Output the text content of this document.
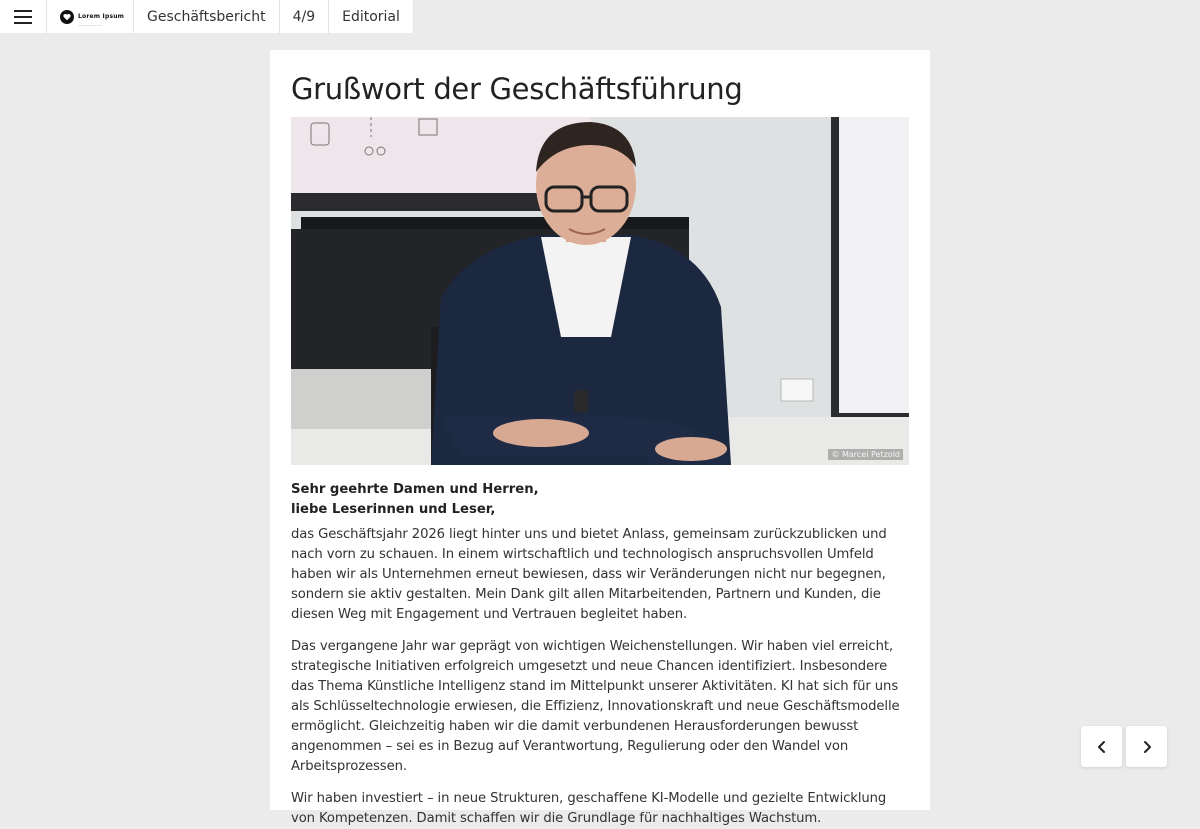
Lorem Ipsum
————————
Geschäftsbericht	4/9	Editorial
Grußwort der Geschäftsführung
© Marcel Petzold
Sehr geehrte Damen und Herren,
liebe Leserinnen und Leser,

das Geschäftsjahr 2026 liegt hinter uns und bietet Anlass, gemeinsam zurückzublicken und nach vorn zu schauen. In einem wirtschaftlich und technologisch anspruchsvollen Umfeld haben wir als Unternehmen erneut bewiesen, dass wir Veränderungen nicht nur begegnen, sondern sie aktiv gestalten. Mein Dank gilt allen Mitarbeitenden, Partnern und Kunden, die diesen Weg mit Engagement und Vertrauen begleitet haben.

Das vergangene Jahr war geprägt von wichtigen Weichenstellungen. Wir haben viel erreicht, strategische Initiativen erfolgreich umgesetzt und neue Chancen identifiziert. Insbesondere das Thema Künstliche Intelligenz stand im Mittelpunkt unserer Aktivitäten. KI hat sich für uns als Schlüsseltechnologie erwiesen, die Effizienz, Innovationskraft und neue Geschäftsmodelle ermöglicht. Gleichzeitig haben wir die damit verbundenen Herausforderungen bewusst angenommen – sei es in Bezug auf Verantwortung, Regulierung oder den Wandel von Arbeitsprozessen.

Wir haben investiert – in neue Strukturen, geschaffene KI-Modelle und gezielte Entwicklung von Kompetenzen. Damit schaffen wir die Grundlage für nachhaltiges Wachstum.
